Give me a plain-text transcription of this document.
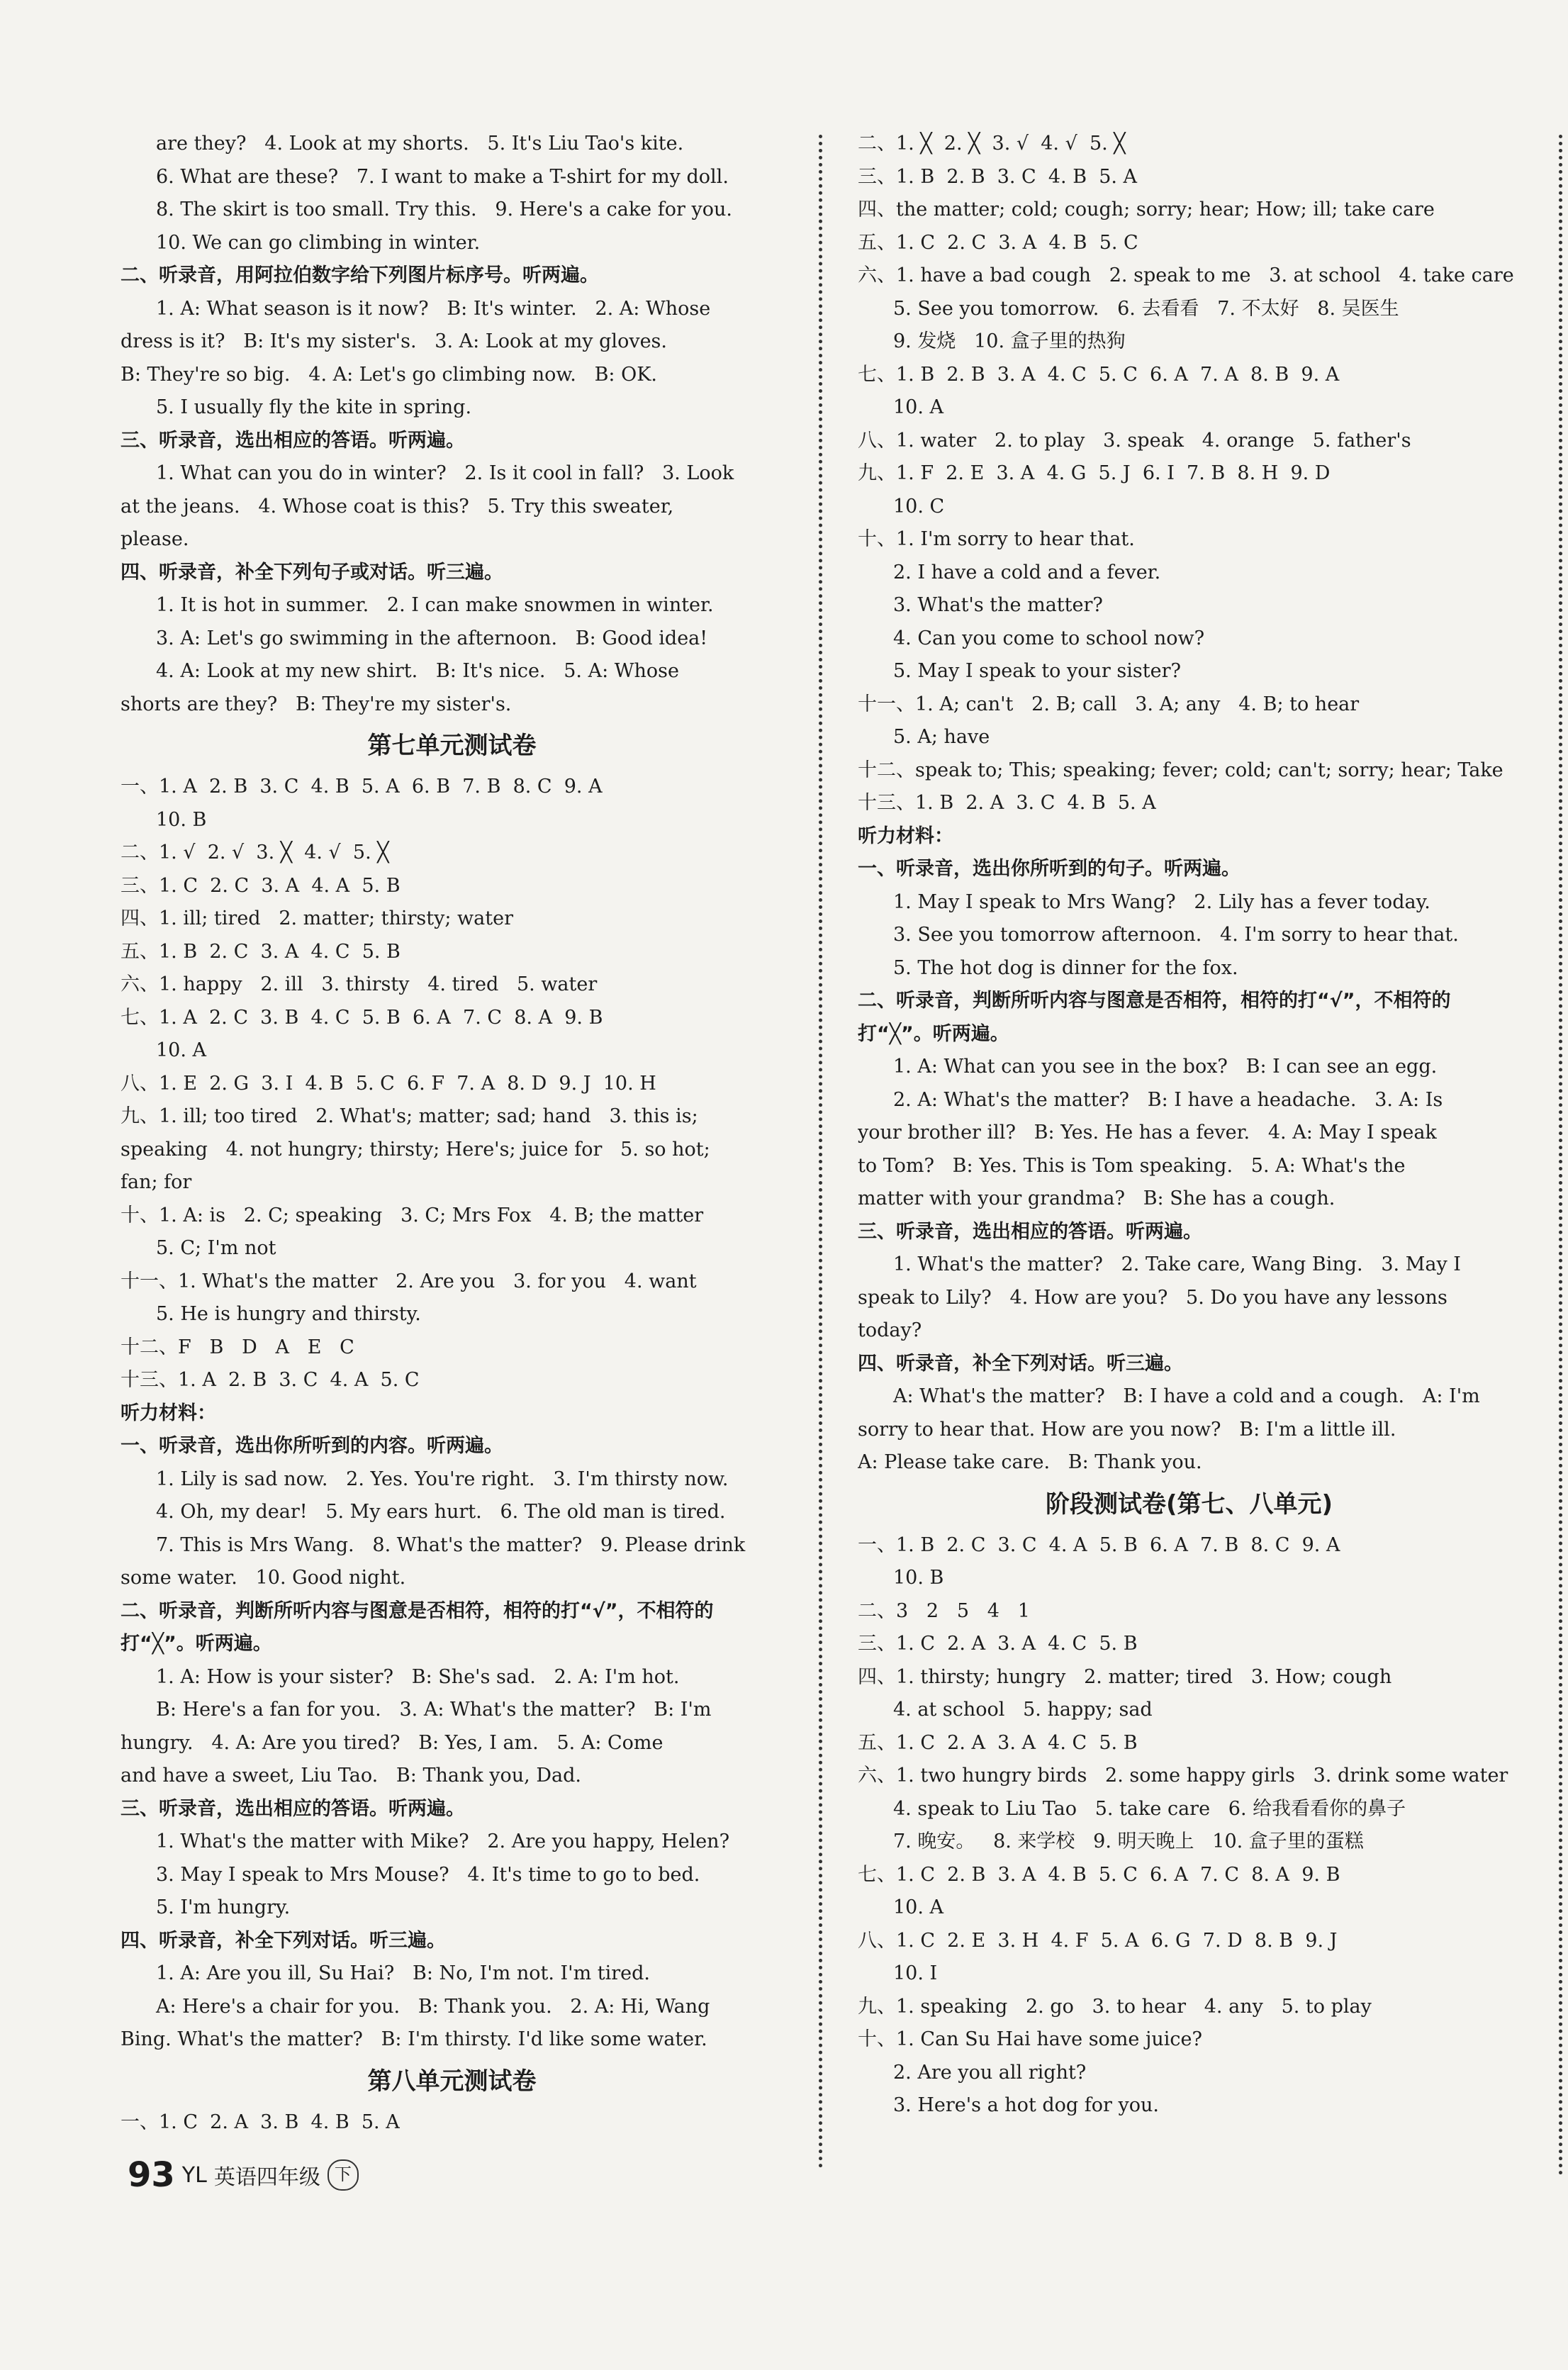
are they?   4. Look at my shorts.   5. It's Liu Tao's kite.
6. What are these?   7. I want to make a T-shirt for my doll.
8. The skirt is too small. Try this.   9. Here's a cake for you.
10. We can go climbing in winter.
二、听录音，用阿拉伯数字给下列图片标序号。听两遍。
1. A: What season is it now?   B: It's winter.   2. A: Whose
dress is it?   B: It's my sister's.   3. A: Look at my gloves.
B: They're so big.   4. A: Let's go climbing now.   B: OK.
5. I usually fly the kite in spring.
三、听录音，选出相应的答语。听两遍。
1. What can you do in winter?   2. Is it cool in fall?   3. Look
at the jeans.   4. Whose coat is this?   5. Try this sweater,
please.
四、听录音，补全下列句子或对话。听三遍。
1. It is hot in summer.   2. I can make snowmen in winter.
3. A: Let's go swimming in the afternoon.   B: Good idea!
4. A: Look at my new shirt.   B: It's nice.   5. A: Whose
shorts are they?   B: They're my sister's.
第七单元测试卷
一、1. A  2. B  3. C  4. B  5. A  6. B  7. B  8. C  9. A
10. B
二、1. √  2. √  3. ╳  4. √  5. ╳
三、1. C  2. C  3. A  4. A  5. B
四、1. ill; tired   2. matter; thirsty; water
五、1. B  2. C  3. A  4. C  5. B
六、1. happy   2. ill   3. thirsty   4. tired   5. water
七、1. A  2. C  3. B  4. C  5. B  6. A  7. C  8. A  9. B
10. A
八、1. E  2. G  3. I  4. B  5. C  6. F  7. A  8. D  9. J  10. H
九、1. ill; too tired   2. What's; matter; sad; hand   3. this is;
speaking   4. not hungry; thirsty; Here's; juice for   5. so hot;
fan; for
十、1. A: is   2. C; speaking   3. C; Mrs Fox   4. B; the matter
5. C; I'm not
十一、1. What's the matter   2. Are you   3. for you   4. want
5. He is hungry and thirsty.
十二、F   B   D   A   E   C
十三、1. A  2. B  3. C  4. A  5. C
听力材料：
一、听录音，选出你所听到的内容。听两遍。
1. Lily is sad now.   2. Yes. You're right.   3. I'm thirsty now.
4. Oh, my dear!   5. My ears hurt.   6. The old man is tired.
7. This is Mrs Wang.   8. What's the matter?   9. Please drink
some water.   10. Good night.
二、听录音，判断所听内容与图意是否相符，相符的打“√”，不相符的
打“╳”。听两遍。
1. A: How is your sister?   B: She's sad.   2. A: I'm hot.
B: Here's a fan for you.   3. A: What's the matter?   B: I'm
hungry.   4. A: Are you tired?   B: Yes, I am.   5. A: Come
and have a sweet, Liu Tao.   B: Thank you, Dad.
三、听录音，选出相应的答语。听两遍。
1. What's the matter with Mike?   2. Are you happy, Helen?
3. May I speak to Mrs Mouse?   4. It's time to go to bed.
5. I'm hungry.
四、听录音，补全下列对话。听三遍。
1. A: Are you ill, Su Hai?   B: No, I'm not. I'm tired.
A: Here's a chair for you.   B: Thank you.   2. A: Hi, Wang
Bing. What's the matter?   B: I'm thirsty. I'd like some water.
第八单元测试卷
一、1. C  2. A  3. B  4. B  5. A
二、1. ╳  2. ╳  3. √  4. √  5. ╳
三、1. B  2. B  3. C  4. B  5. A
四、the matter; cold; cough; sorry; hear; How; ill; take care
五、1. C  2. C  3. A  4. B  5. C
六、1. have a bad cough   2. speak to me   3. at school   4. take care
5. See you tomorrow.   6. 去看看   7. 不太好   8. 吴医生
9. 发烧   10. 盒子里的热狗
七、1. B  2. B  3. A  4. C  5. C  6. A  7. A  8. B  9. A
10. A
八、1. water   2. to play   3. speak   4. orange   5. father's
九、1. F  2. E  3. A  4. G  5. J  6. I  7. B  8. H  9. D
10. C
十、1. I'm sorry to hear that.
2. I have a cold and a fever.
3. What's the matter?
4. Can you come to school now?
5. May I speak to your sister?
十一、1. A; can't   2. B; call   3. A; any   4. B; to hear
5. A; have
十二、speak to; This; speaking; fever; cold; can't; sorry; hear; Take
十三、1. B  2. A  3. C  4. B  5. A
听力材料：
一、听录音，选出你所听到的句子。听两遍。
1. May I speak to Mrs Wang?   2. Lily has a fever today.
3. See you tomorrow afternoon.   4. I'm sorry to hear that.
5. The hot dog is dinner for the fox.
二、听录音，判断所听内容与图意是否相符，相符的打“√”，不相符的
打“╳”。听两遍。
1. A: What can you see in the box?   B: I can see an egg.
2. A: What's the matter?   B: I have a headache.   3. A: Is
your brother ill?   B: Yes. He has a fever.   4. A: May I speak
to Tom?   B: Yes. This is Tom speaking.   5. A: What's the
matter with your grandma?   B: She has a cough.
三、听录音，选出相应的答语。听两遍。
1. What's the matter?   2. Take care, Wang Bing.   3. May I
speak to Lily?   4. How are you?   5. Do you have any lessons
today?
四、听录音，补全下列对话。听三遍。
A: What's the matter?   B: I have a cold and a cough.   A: I'm
sorry to hear that. How are you now?   B: I'm a little ill.
A: Please take care.   B: Thank you.
阶段测试卷(第七、八单元)
一、1. B  2. C  3. C  4. A  5. B  6. A  7. B  8. C  9. A
10. B
二、3   2   5   4   1
三、1. C  2. A  3. A  4. C  5. B
四、1. thirsty; hungry   2. matter; tired   3. How; cough
4. at school   5. happy; sad
五、1. C  2. A  3. A  4. C  5. B
六、1. two hungry birds   2. some happy girls   3. drink some water
4. speak to Liu Tao   5. take care   6. 给我看看你的鼻子
7. 晚安。   8. 来学校   9. 明天晚上   10. 盒子里的蛋糕
七、1. C  2. B  3. A  4. B  5. C  6. A  7. C  8. A  9. B
10. A
八、1. C  2. E  3. H  4. F  5. A  6. G  7. D  8. B  9. J
10. I
九、1. speaking   2. go   3. to hear   4. any   5. to play
十、1. Can Su Hai have some juice?
2. Are you all right?
3. Here's a hot dog for you.
93 YL 英语四年级 下
